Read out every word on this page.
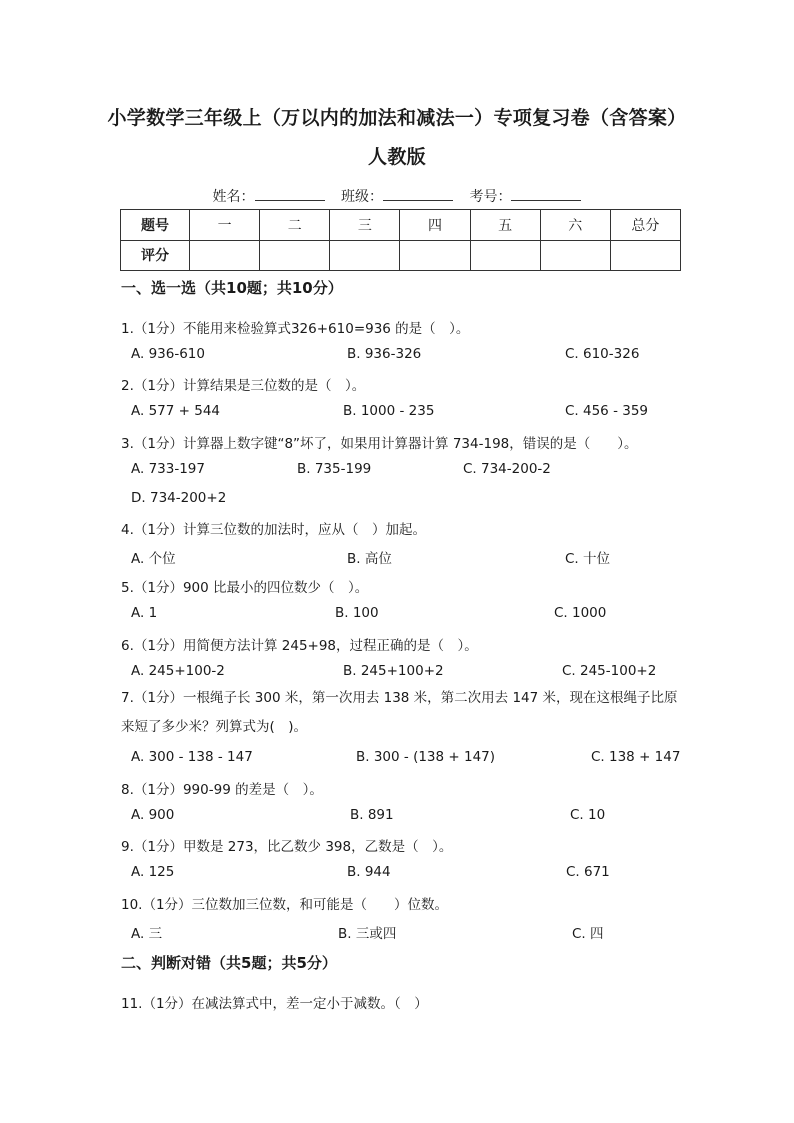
小学数学三年级上（万以内的加法和减法一）专项复习卷（含答案）
人教版
姓名：	班级：	考号：
题号	一	二	三	四	五	六	总分
评分							
一、选一选（共10题；共10分）
1.（1分）不能用来检验算式326+610=936 的是（　）。
A. 936-610	B. 936-326	C. 610-326
2.（1分）计算结果是三位数的是（　）。
A. 577 + 544	B. 1000 - 235	C. 456 - 359
3.（1分）计算器上数字键“8”坏了，如果用计算器计算 734-198，错误的是（　　）。
A. 733-197	B. 735-199	C. 734-200-2
D. 734-200+2
4.（1分）计算三位数的加法时，应从（　）加起。
A. 个位	B. 高位	C. 十位
5.（1分）900 比最小的四位数少（　）。
A. 1	B. 100	C. 1000
6.（1分）用简便方法计算 245+98，过程正确的是（　）。
A. 245+100-2	B. 245+100+2	C. 245-100+2
7.（1分）一根绳子长 300 米，第一次用去 138 米，第二次用去 147 米，现在这根绳子比原来短了多少米？列算式为(　)。
A. 300 - 138 - 147	B. 300 - (138 + 147)	C. 138 + 147
8.（1分）990-99 的差是（　）。
A. 900	B. 891	C. 10
9.（1分）甲数是 273，比乙数少 398，乙数是（　）。
A. 125	B. 944	C. 671
10.（1分）三位数加三位数，和可能是（　　）位数。
A. 三	B. 三或四	C. 四
二、判断对错（共5题；共5分）
11.（1分）在减法算式中，差一定小于减数。（　）
